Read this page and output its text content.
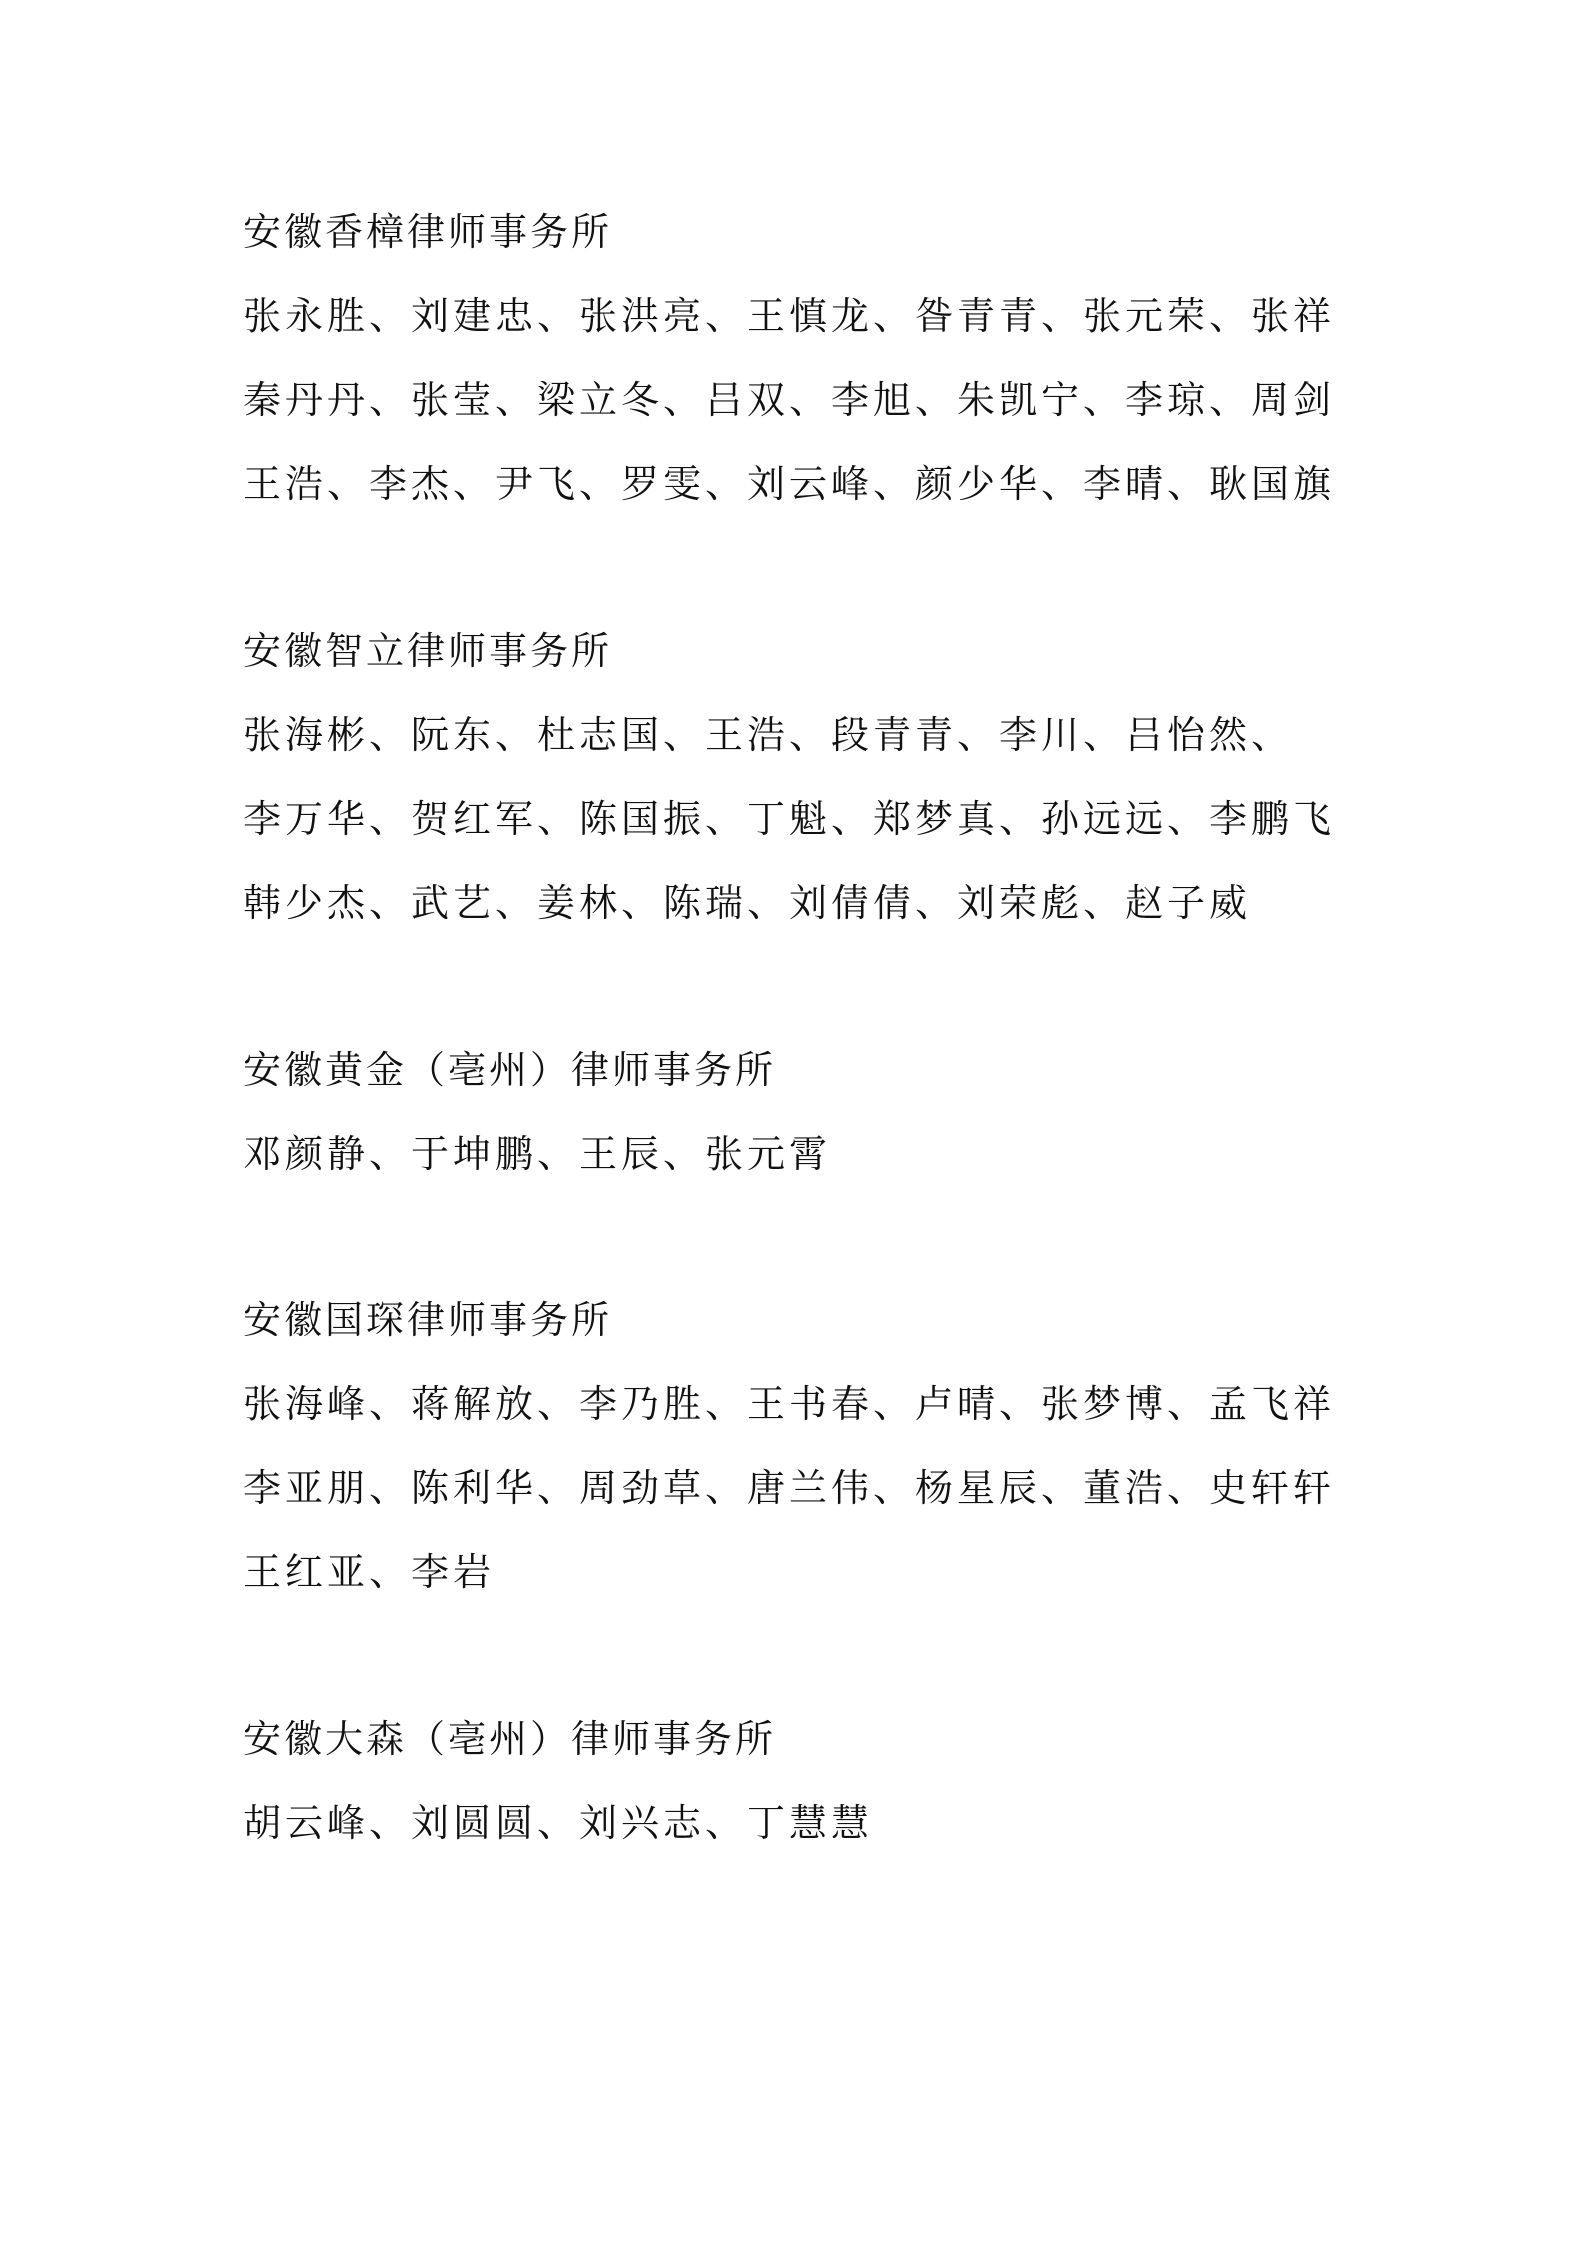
安徽香樟律师事务所
张永胜、刘建忠、张洪亮、王慎龙、昝青青、张元荣、张祥
秦丹丹、张莹、梁立冬、吕双、李旭、朱凯宁、李琼、周剑
王浩、李杰、尹飞、罗雯、刘云峰、颜少华、李晴、耿国旗
安徽智立律师事务所
张海彬、阮东、杜志国、王浩、段青青、李川、吕怡然、
李万华、贺红军、陈国振、丁魁、郑梦真、孙远远、李鹏飞
韩少杰、武艺、姜林、陈瑞、刘倩倩、刘荣彪、赵子威
安徽黄金（亳州）律师事务所
邓颜静、于坤鹏、王辰、张元霄
安徽国琛律师事务所
张海峰、蒋解放、李乃胜、王书春、卢晴、张梦博、孟飞祥
李亚朋、陈利华、周劲草、唐兰伟、杨星辰、董浩、史轩轩
王红亚、李岩
安徽大森（亳州）律师事务所
胡云峰、刘圆圆、刘兴志、丁慧慧
